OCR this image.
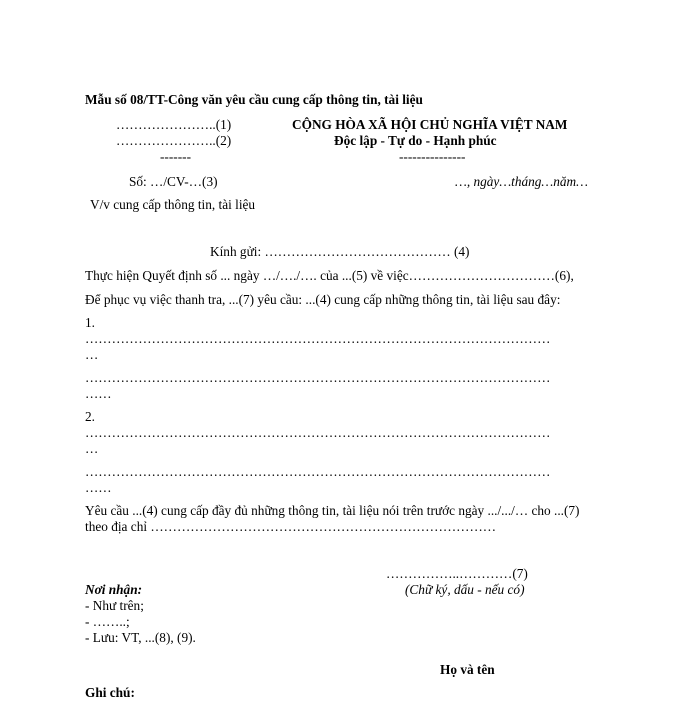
Mẫu số 08/TT-Công văn yêu cầu cung cấp thông tin, tài liệu
…………………..(1)
…………………..(2)
-------
CỘNG HÒA XÃ HỘI CHỦ NGHĨA VIỆT NAM
Độc lập - Tự do - Hạnh phúc
---------------
Số: …/CV-…(3)	…, ngày…tháng…năm…
V/v cung cấp thông tin, tài liệu
Kính gửi: …………………………………… (4)
Thực hiện Quyết định số ... ngày …/…./…. của ...(5) về việc……………………………(6),
Để phục vụ việc thanh tra, ...(7) yêu cầu: ...(4) cung cấp những thông tin, tài liệu sau đây:
1.
……………………………………………………………………………………………
…
……………………………………………………………………………………………
……
2.
……………………………………………………………………………………………
…
……………………………………………………………………………………………
……
Yêu cầu ...(4) cung cấp đầy đủ những thông tin, tài liệu nói trên trước ngày .../.../… cho ...(7)
theo địa chỉ ……………………………………………………………………
……………..…………(7)
(Chữ ký, dấu - nếu có)
Nơi nhận:
- Như trên;
- ……..;
- Lưu: VT, ...(8), (9).
Họ và tên
Ghi chú:
